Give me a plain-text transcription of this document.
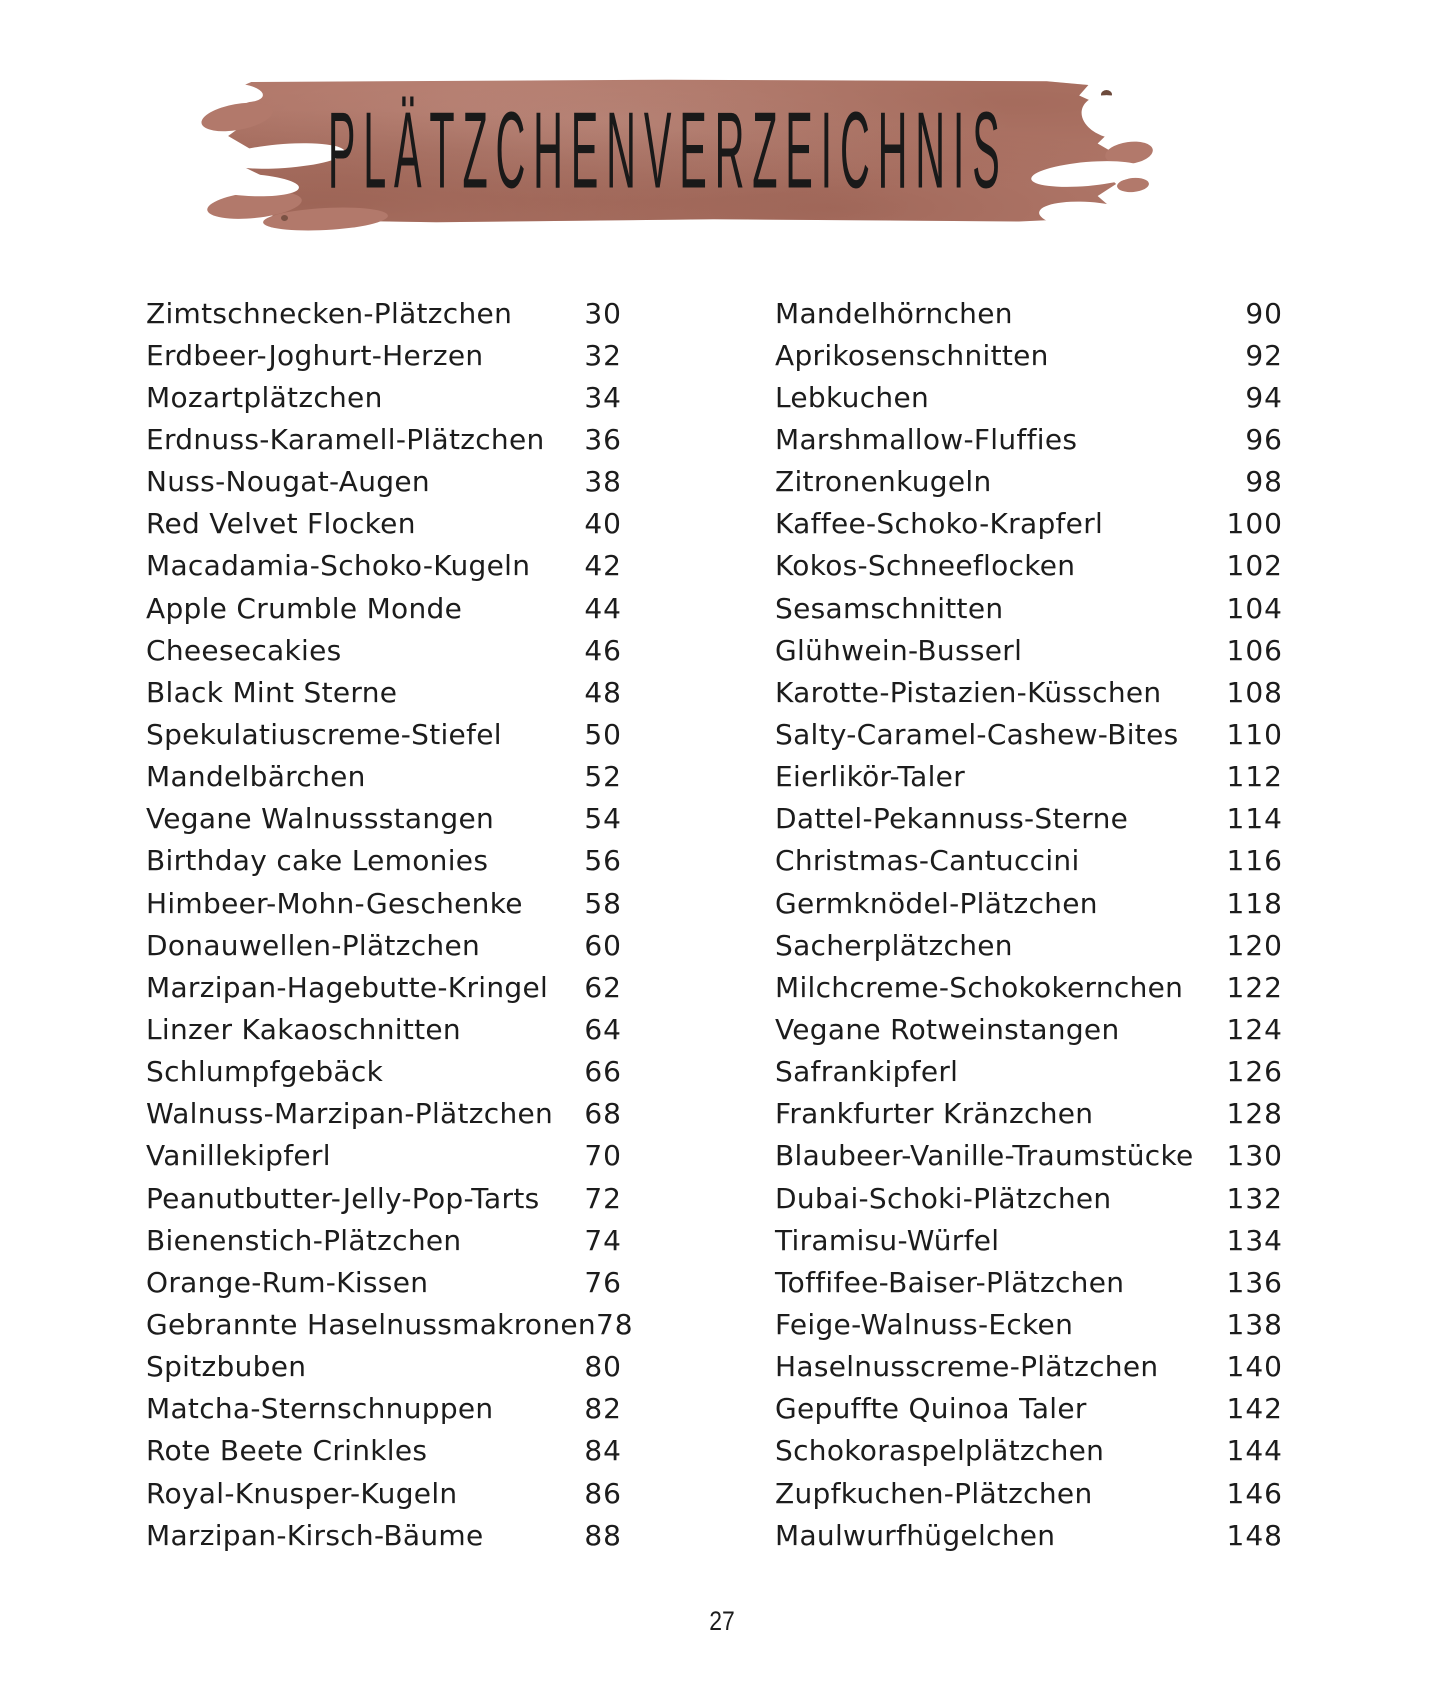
PLÄTZCHENVERZEICHNIS
Zimtschnecken-Plätzchen	30
Erdbeer-Joghurt-Herzen	32
Mozartplätzchen	34
Erdnuss-Karamell-Plätzchen 36
Nuss-Nougat-Augen	38
Red Velvet Flocken	40
Macadamia-Schoko-Kugeln 42
Apple Crumble Monde	44
Cheesecakies	46
Black Mint Sterne	48
Spekulatiuscreme-Stiefel	50
Mandelbärchen	52
Vegane Walnussstangen	54
Birthday cake Lemonies	56
Himbeer-Mohn-Geschenke 58
Donauwellen-Plätzchen	60
Marzipan-Hagebutte-Kringel 62
Linzer Kakaoschnitten	64
Schlumpfgebäck	66
Walnuss-Marzipan-Plätzchen 68
Vanillekipferl	70
Peanutbutter-Jelly-Pop-Tarts 72
Bienenstich-Plätzchen	74
Orange-Rum-Kissen	76
Gebrannte Haselnussmakronen 78
Spitzbuben	80
Matcha-Sternschnuppen	82
Rote Beete Crinkles	84
Royal-Knusper-Kugeln	86
Marzipan-Kirsch-Bäume	88
Mandelhörnchen	90
Aprikosenschnitten	92
Lebkuchen	94
Marshmallow-Fluffies	96
Zitronenkugeln	98
Kaffee-Schoko-Krapferl	100
Kokos-Schneeflocken	102
Sesamschnitten	104
Glühwein-Busserl	106
Karotte-Pistazien-Küsschen 108
Salty-Caramel-Cashew-Bites 110
Eierlikör-Taler	112
Dattel-Pekannuss-Sterne	114
Christmas-Cantuccini	116
Germknödel-Plätzchen	118
Sacherplätzchen	120
Milchcreme-Schokokernchen 122
Vegane Rotweinstangen	124
Safrankipferl	126
Frankfurter Kränzchen	128
Blaubeer-Vanille-Traumstücke 130
Dubai-Schoki-Plätzchen	132
Tiramisu-Würfel	134
Toffifee-Baiser-Plätzchen	136
Feige-Walnuss-Ecken	138
Haselnusscreme-Plätzchen 140
Gepuffte Quinoa Taler	142
Schokoraspelplätzchen	144
Zupfkuchen-Plätzchen	146
Maulwurfhügelchen	148
27
